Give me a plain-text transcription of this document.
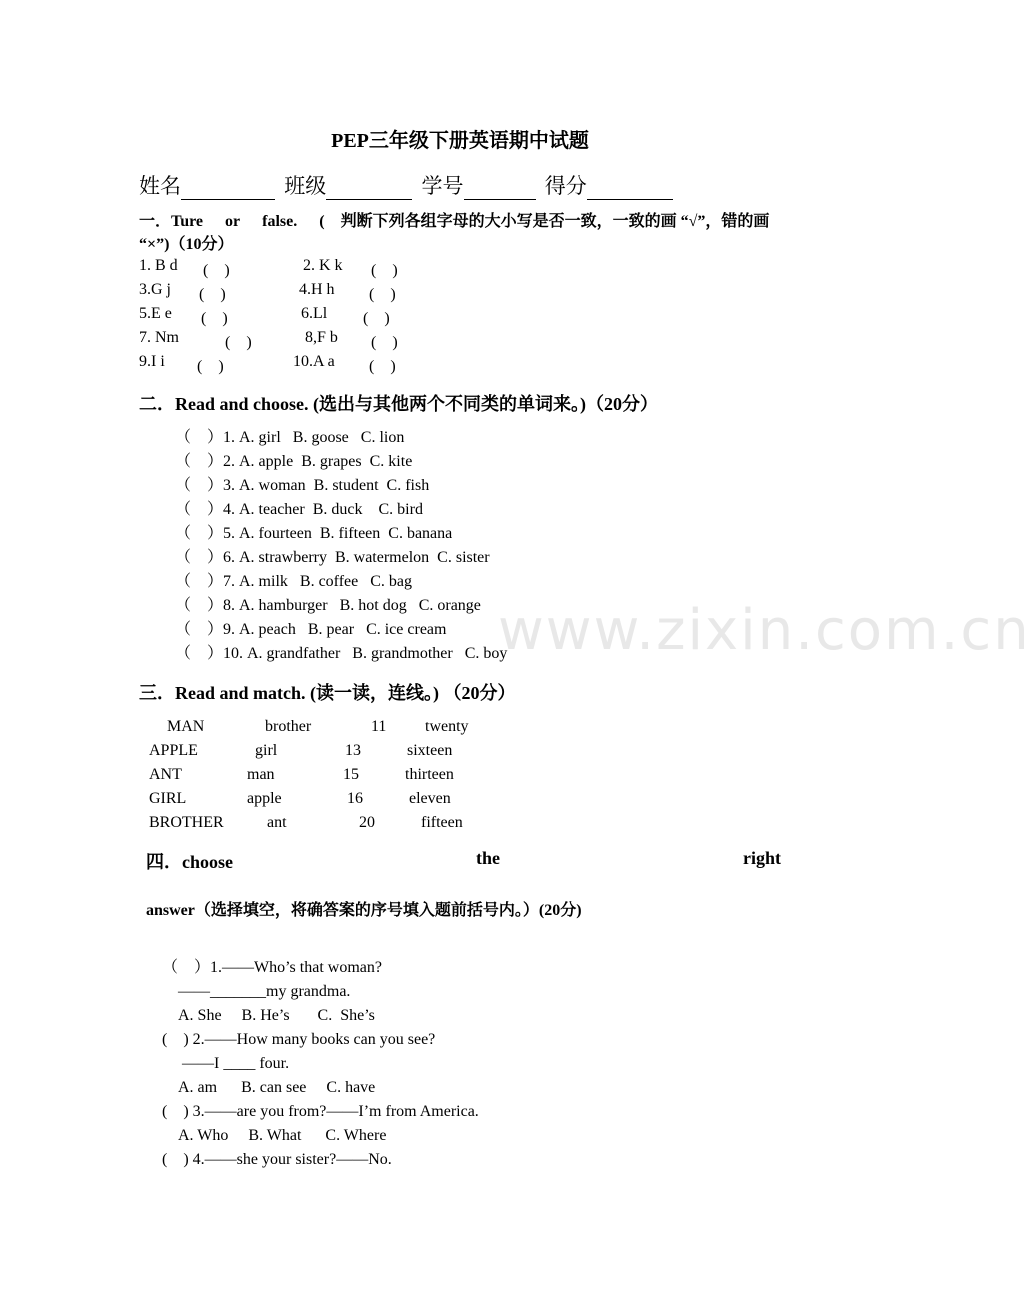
www.zixin.com.cn
PEP三年级下册英语期中试题
姓名	班级	学号	得分
一．Ture or false. (　判断下列各组字母的大小写是否一致，一致的画 “√”，错的画 “×”)（10分）
1. B d (　)	2. K k (　)
3.G j (　)	4.H h (　)
5.E e (　)	6.Ll (　)
7. Nm	(　)	8,F b (　)
9.I i (　)	10.A a (　)
二．Read and choose. (选出与其他两个不同类的单词来。)（20分）
（　）1. A. girl   B. goose   C. lion
（　）2. A. apple  B. grapes  C. kite
（　）3. A. woman  B. student  C. fish
（　）4. A. teacher  B. duck    C. bird
（　）5. A. fourteen  B. fifteen  C. banana
（　）6. A. strawberry  B. watermelon  C. sister
（　）7. A. milk   B. coffee   C. bag
（　）8. A. hamburger   B. hot dog   C. orange
（　）9. A. peach   B. pear   C. ice cream
（　）10. A. grandfather   B. grandmother   C. boy
三．Read and match. (读一读，连线。) （20分）
MAN	brother	11 twenty
APPLE	girl	13	sixteen
ANT	man	15	thirteen
GIRL	apple	16	eleven
BROTHER	ant	20	fifteen
四．choose	the	right
answer（选择填空，将确答案的序号填入题前括号内。）(20分)
（　）1.——Who’s that woman?
　——_______my grandma.
　A. She     B. He’s       C.  She’s
(　) 2.——How many books can you see?
　 ——I ____ four.
　A. am      B. can see     C. have
(　) 3.——are you from?——I’m from America.
　A. Who     B. What      C. Where
(　) 4.——she your sister?——No.
